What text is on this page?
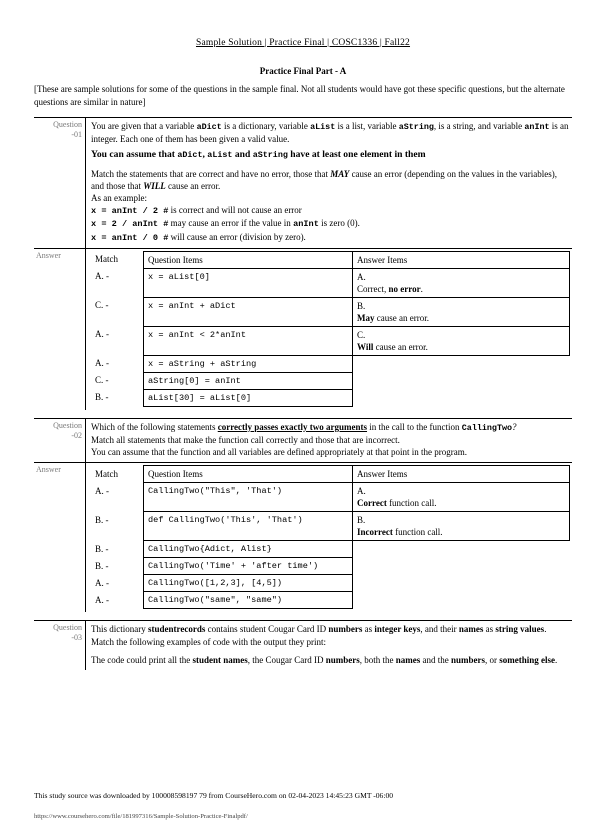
Sample Solution | Practice Final | COSC1336 | Fall22
Practice Final Part - A
[These are sample solutions for some of the questions in the sample final. Not all students would have got these specific questions, but the alternate questions are similar in nature]
Question
-01

You are given that a variable aDict is a dictionary, variable aList is a list, variable aString, is a string, and variable anInt is an integer. Each one of them has been given a valid value.

You can assume that aDict, aList and aString have at least one element in them

Match the statements that are correct and have no error, those that MAY cause an error (depending on the values in the variables), and those that WILL cause an error.

As an example:

x = anInt / 2 # is correct and will not cause an error

x = 2 / anInt # may cause an error if the value in anInt is zero (0).

x = anInt / 0 # will cause an error (division by zero).

Answer	Match	Question Items	Answer Items
A. -	x = aList[0]	A.
Correct, no error.

C. -	x = anInt + aDict	B.
May cause an error.

A. -	x = anInt < 2*anInt	C.
Will cause an error.

A. -	x = aString + aString	
C. -	aString[0] = anInt	
B. -	aList[30] = aList[0]	
Question
-02

Which of the following statements correctly passes exactly two arguments in the call to the function CallingTwo?

Match all statements that make the function call correctly and those that are incorrect.

You can assume that the function and all variables are defined appropriately at that point in the program.

Answer	Match	Question Items	Answer Items
A. -	CallingTwo("This", 'That')	A.
Correct function call.

B. -	def CallingTwo('This', 'That')	B.
Incorrect function call.

B. -	CallingTwo{Adict, Alist}	
B. -	CallingTwo('Time' + 'after time')	
A. -	CallingTwo([1,2,3], [4,5])	
A. -	CallingTwo("same", "same")	
Question
-03

This dictionary studentrecords contains student Cougar Card ID numbers as integer keys, and their names as string values.

Match the following examples of code with the output they print:

The code could print all the student names, the Cougar Card ID numbers, both the names and the numbers, or something else.

This study source was downloaded by 100008598197 79 from CourseHero.com on 02-04-2023 14:45:23 GMT -06:00
https://www.coursehero.com/file/181997316/Sample-Solution-Practice-Finalpdf/
